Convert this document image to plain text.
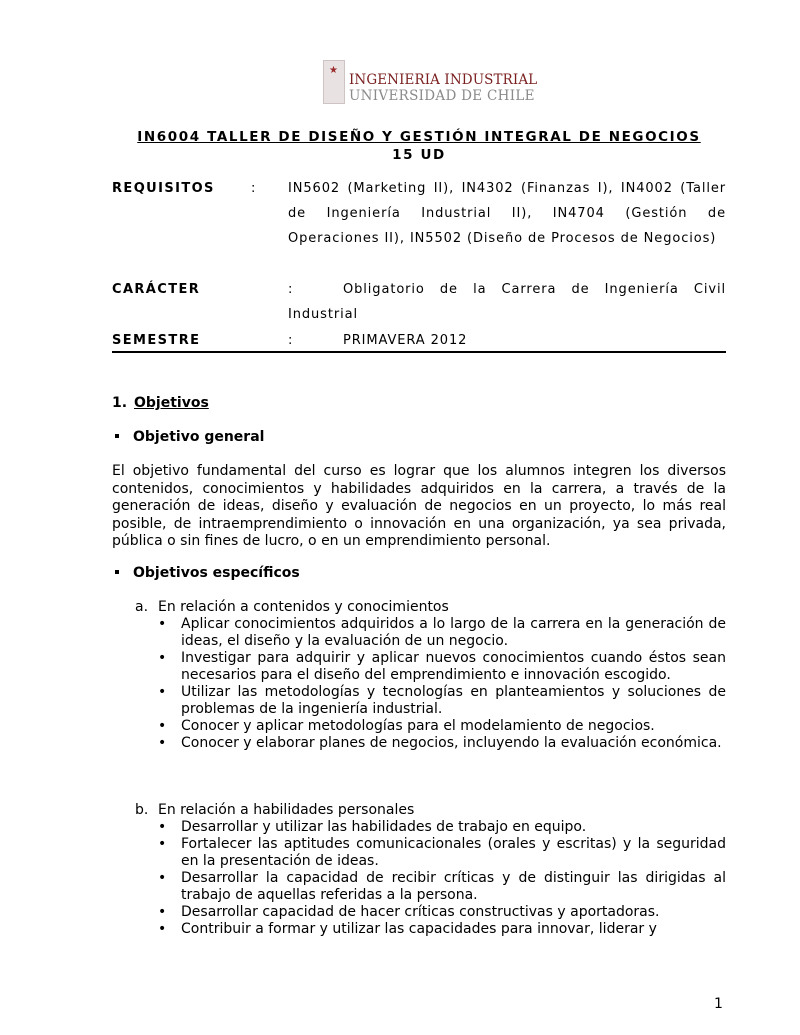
★
INGENIERIA INDUSTRIAL
UNIVERSIDAD DE CHILE
IN6004 TALLER DE DISEÑO Y GESTIÓN INTEGRAL DE NEGOCIOS
15 UD
REQUISITOS	:	IN5602 (Marketing II), IN4302 (Finanzas I), IN4002 (Taller de Ingeniería Industrial II), IN4704 (Gestión de Operaciones II), IN5502 (Diseño de Procesos de Negocios)
CARÁCTER	:	Obligatorio de la Carrera de Ingeniería Civil Industrial
SEMESTRE	:	PRIMAVERA 2012
1. Objetivos
Objetivo general
El objetivo fundamental del curso es lograr que los alumnos integren los diversos contenidos, conocimientos y habilidades adquiridos en la carrera, a través de la generación de ideas, diseño y evaluación de negocios en un proyecto, lo más real posible, de intraemprendimiento o innovación en una organización, ya sea privada, pública o sin fines de lucro, o en un emprendimiento personal.
Objetivos específicos
a. En relación a contenidos y conocimientos
• Aplicar conocimientos adquiridos a lo largo de la carrera en la generación de ideas, el diseño y la evaluación de un negocio.
• Investigar para adquirir y aplicar nuevos conocimientos cuando éstos sean necesarios para el diseño del emprendimiento e innovación escogido.
• Utilizar las metodologías y tecnologías en planteamientos y soluciones de problemas de la ingeniería industrial.
• Conocer y aplicar metodologías para el modelamiento de negocios.
• Conocer y elaborar planes de negocios, incluyendo la evaluación económica.
b. En relación a habilidades personales
• Desarrollar y utilizar las habilidades de trabajo en equipo.
• Fortalecer las aptitudes comunicacionales (orales y escritas) y la seguridad en la presentación de ideas.
• Desarrollar la capacidad de recibir críticas y de distinguir las dirigidas al trabajo de aquellas referidas a la persona.
• Desarrollar capacidad de hacer críticas constructivas y aportadoras.
• Contribuir a formar y utilizar las capacidades para innovar, liderar y
1
